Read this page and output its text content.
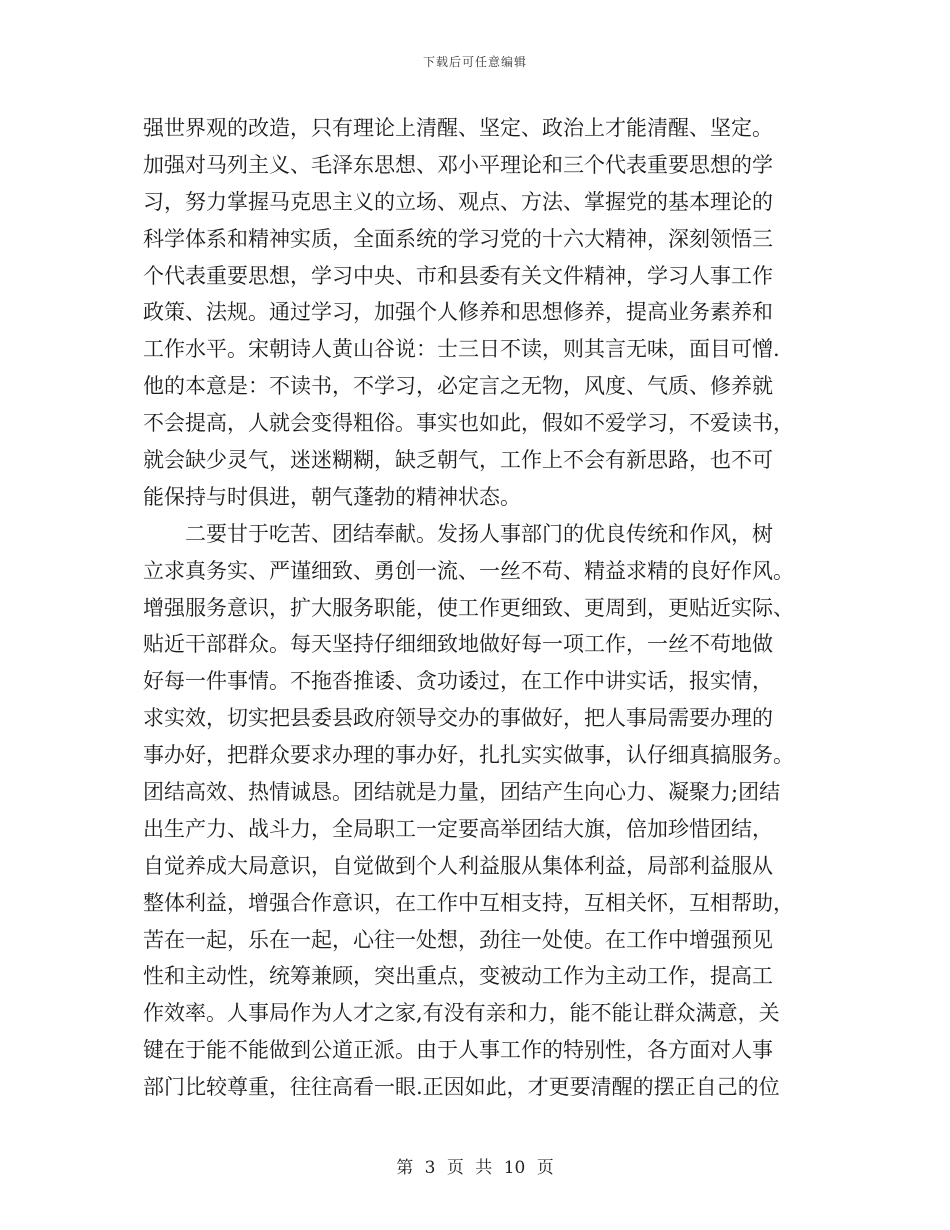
下载后可任意编辑
强世界观的改造，只有理论上清醒、坚定、政治上才能清醒、坚定。
加强对马列主义、毛泽东思想、邓小平理论和三个代表重要思想的学
习，努力掌握马克思主义的立场、观点、方法、掌握党的基本理论的
科学体系和精神实质，全面系统的学习党的十六大精神，深刻领悟三
个代表重要思想，学习中央、市和县委有关文件精神，学习人事工作
政策、法规。通过学习，加强个人修养和思想修养，提高业务素养和
工作水平。宋朝诗人黄山谷说：士三日不读，则其言无味，面目可憎.
他的本意是：不读书，不学习，必定言之无物，风度、气质、修养就
不会提高，人就会变得粗俗。事实也如此，假如不爱学习，不爱读书，
就会缺少灵气，迷迷糊糊，缺乏朝气，工作上不会有新思路，也不可
能保持与时俱进，朝气蓬勃的精神状态。
　　二要甘于吃苦、团结奉献。发扬人事部门的优良传统和作风，树
立求真务实、严谨细致、勇创一流、一丝不苟、精益求精的良好作风。
增强服务意识，扩大服务职能，使工作更细致、更周到，更贴近实际、
贴近干部群众。每天坚持仔细细致地做好每一项工作，一丝不苟地做
好每一件事情。不拖沓推诿、贪功诿过，在工作中讲实话，报实情，
求实效，切实把县委县政府领导交办的事做好，把人事局需要办理的
事办好，把群众要求办理的事办好，扎扎实实做事，认仔细真搞服务。
团结高效、热情诚恳。团结就是力量，团结产生向心力、凝聚力;团结
出生产力、战斗力，全局职工一定要高举团结大旗，倍加珍惜团结，
自觉养成大局意识，自觉做到个人利益服从集体利益，局部利益服从
整体利益，增强合作意识，在工作中互相支持，互相关怀，互相帮助，
苦在一起，乐在一起，心往一处想，劲往一处使。在工作中增强预见
性和主动性，统筹兼顾，突出重点，变被动工作为主动工作，提高工
作效率。人事局作为人才之家,有没有亲和力，能不能让群众满意，关
键在于能不能做到公道正派。由于人事工作的特别性，各方面对人事
部门比较尊重，往往高看一眼.正因如此，才更要清醒的摆正自己的位
第 3 页 共 10 页
